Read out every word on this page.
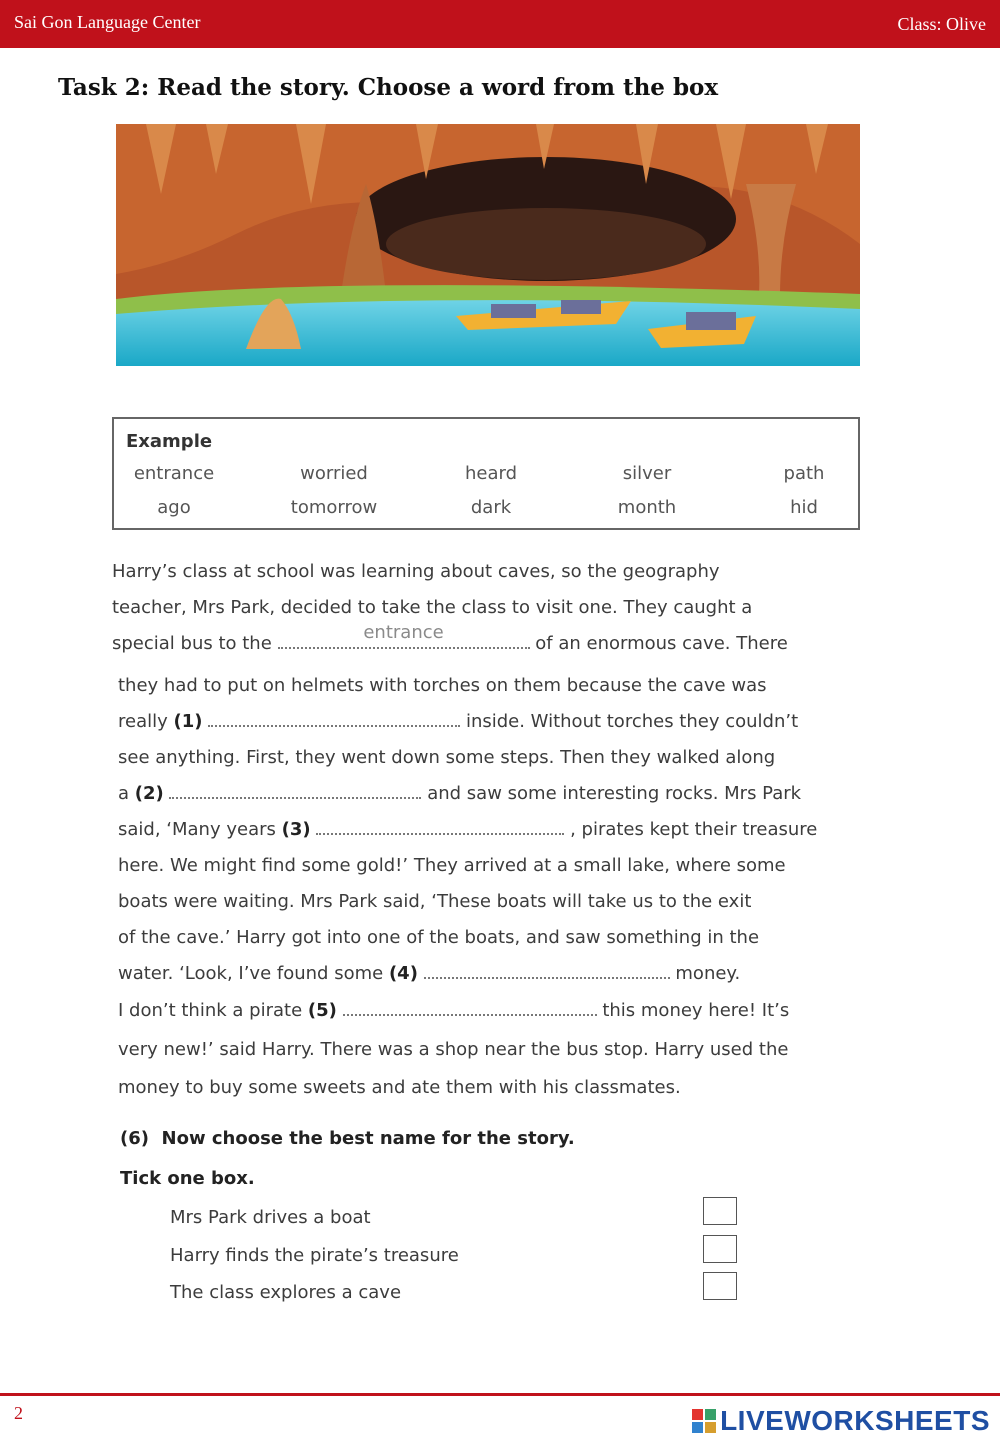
Sai Gon Language Center	Class: Olive
Task 2: Read the story. Choose a word from the box
Example
entrance	worried	heard	silver	path
ago	tomorrow	dark	month	hid
Harry’s class at school was learning about caves, so the geography
teacher, Mrs Park, decided to take the class to visit one. They caught a
special bus to the
entrance
of an enormous cave. There
they had to put on helmets with torches on them because the cave was
really (1)	inside. Without torches they couldn’t
see anything. First, they went down some steps. Then they walked along
a (2)	and saw some interesting rocks. Mrs Park
said, ‘Many years (3)	, pirates kept their treasure
here. We might find some gold!’ They arrived at a small lake, where some
boats were waiting. Mrs Park said, ‘These boats will take us to the exit
of the cave.’ Harry got into one of the boats, and saw something in the
water. ‘Look, I’ve found some (4)	money.
I don’t think a pirate (5)	this money here! It’s
very new!’ said Harry. There was a shop near the bus stop. Harry used the
money to buy some sweets and ate them with his classmates.
(6) Now choose the best name for the story.
Tick one box.
Mrs Park drives a boat
Harry finds the pirate’s treasure
The class explores a cave
2	LIVEWORKSHEETS
